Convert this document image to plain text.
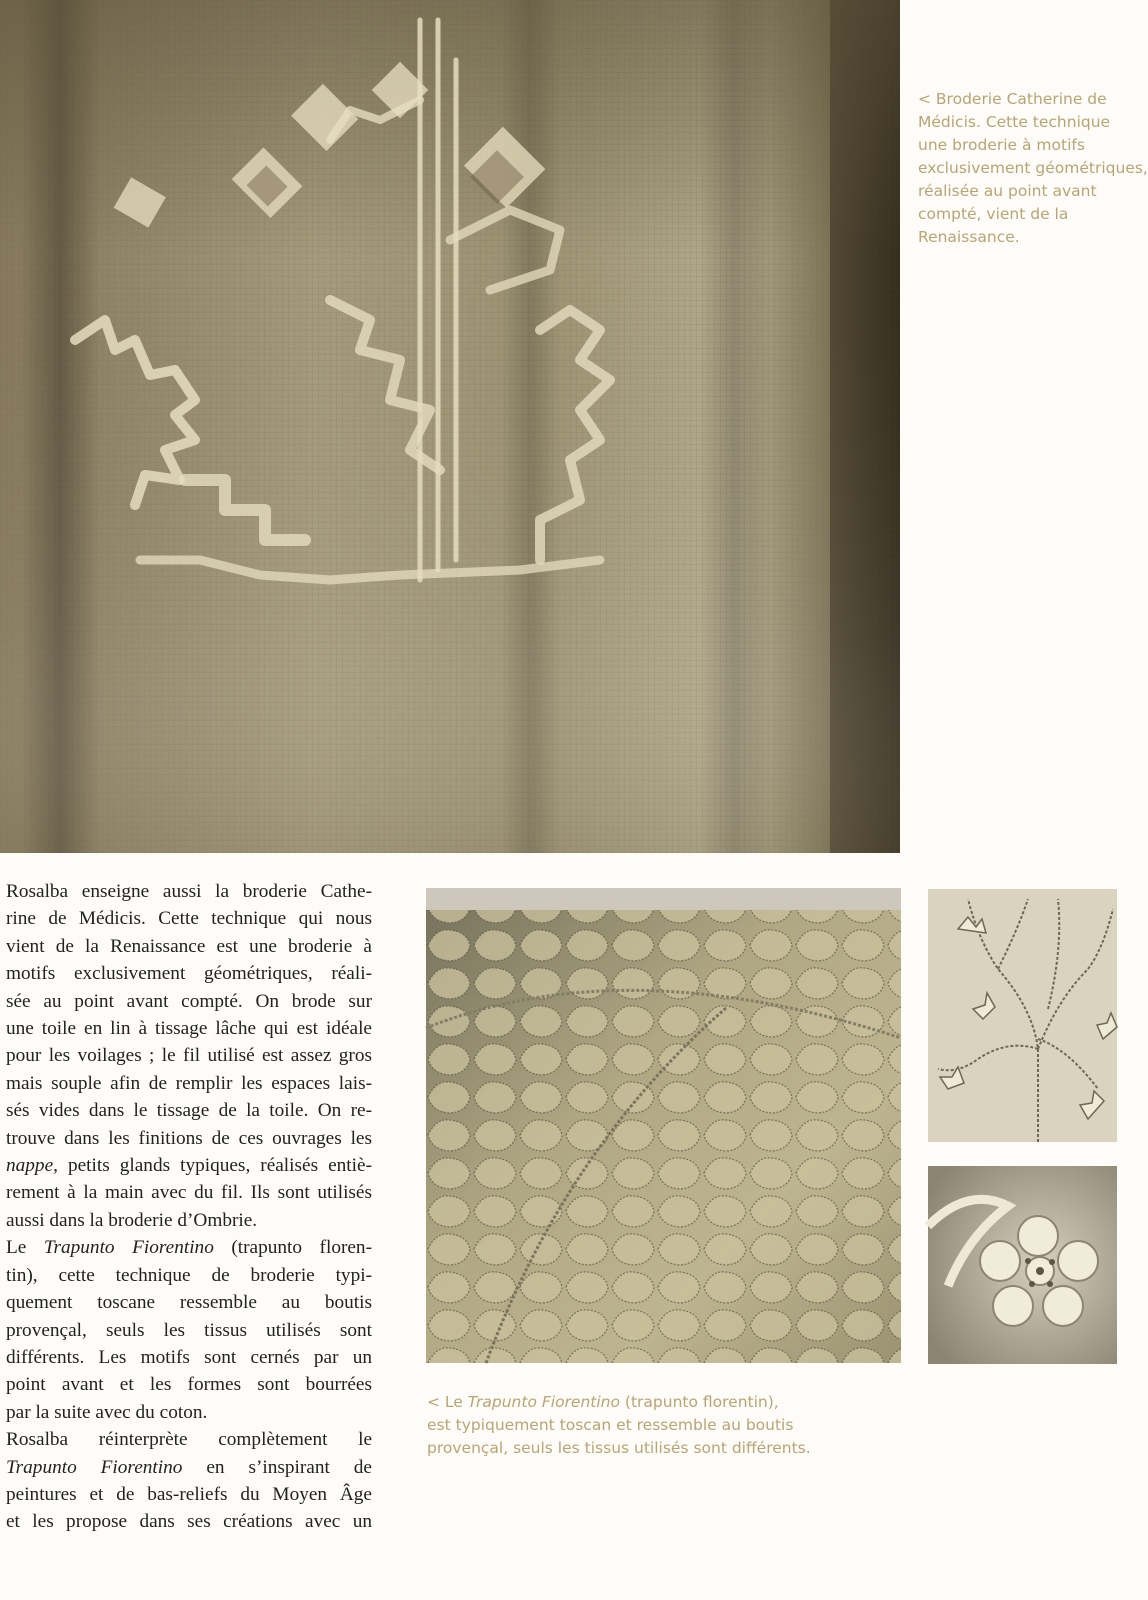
< Broderie Catherine de
Médicis. Cette technique
une broderie à motifs
exclusivement géométriques,
réalisée au point avant
compté, vient de la
Renaissance.
Rosalba enseigne aussi la broderie Cathe-
rine de Médicis. Cette technique qui nous
vient de la Renaissance est une broderie à
motifs exclusivement géométriques, réali-
sée au point avant compté. On brode sur
une toile en lin à tissage lâche qui est idéale
pour les voilages ; le fil utilisé est assez gros
mais souple afin de remplir les espaces lais-
sés vides dans le tissage de la toile. On re-
trouve dans les finitions de ces ouvrages les
nappe, petits glands typiques, réalisés entiè-
rement à la main avec du fil. Ils sont utilisés
aussi dans la broderie d’Ombrie.
Le Trapunto Fiorentino (trapunto floren-
tin), cette technique de broderie typi-
quement toscane ressemble au boutis
provençal, seuls les tissus utilisés sont
différents. Les motifs sont cernés par un
point avant et les formes sont bourrées
par la suite avec du coton.
Rosalba réinterprète complètement le
Trapunto Fiorentino en s’inspirant de
peintures et de bas-reliefs du Moyen Âge
et les propose dans ses créations avec un
< Le Trapunto Fiorentino (trapunto florentin),
est typiquement toscan et ressemble au boutis
provençal, seuls les tissus utilisés sont différents.
